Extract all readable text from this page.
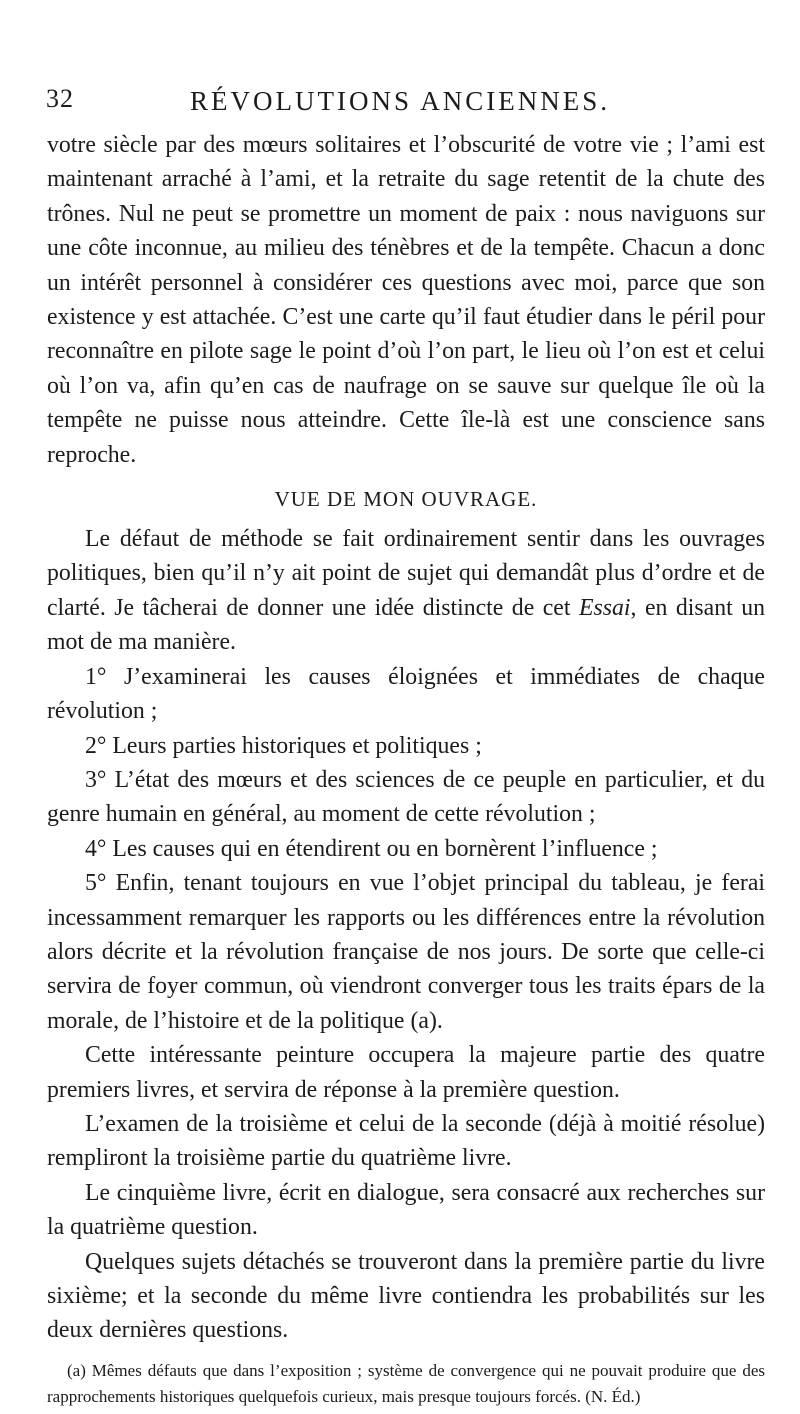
32	RÉVOLUTIONS ANCIENNES.

votre siècle par des mœurs solitaires et l’obscurité de votre vie ; l’ami est maintenant arraché à l’ami, et la retraite du sage retentit de la chute des trônes. Nul ne peut se promettre un moment de paix : nous naviguons sur une côte inconnue, au milieu des ténèbres et de la tempête. Chacun a donc un intérêt personnel à considérer ces questions avec moi, parce que son existence y est attachée. C’est une carte qu’il faut étudier dans le péril pour reconnaître en pilote sage le point d’où l’on part, le lieu où l’on est et celui où l’on va, afin qu’en cas de naufrage on se sauve sur quelque île où la tempête ne puisse nous atteindre. Cette île-là est une conscience sans reproche.

VUE DE MON OUVRAGE.

Le défaut de méthode se fait ordinairement sentir dans les ouvrages politiques, bien qu’il n’y ait point de sujet qui demandât plus d’ordre et de clarté. Je tâcherai de donner une idée distincte de cet Essai, en disant un mot de ma manière.

1° J’examinerai les causes éloignées et immédiates de chaque révolution ;

2° Leurs parties historiques et politiques ;

3° L’état des mœurs et des sciences de ce peuple en particulier, et du genre humain en général, au moment de cette révolution ;

4° Les causes qui en étendirent ou en bornèrent l’influence ;

5° Enfin, tenant toujours en vue l’objet principal du tableau, je ferai incessamment remarquer les rapports ou les différences entre la révolution alors décrite et la révolution française de nos jours. De sorte que celle-ci servira de foyer commun, où viendront converger tous les traits épars de la morale, de l’histoire et de la politique (a).

Cette intéressante peinture occupera la majeure partie des quatre premiers livres, et servira de réponse à la première question.

L’examen de la troisième et celui de la seconde (déjà à moitié résolue) rempliront la troisième partie du quatrième livre.

Le cinquième livre, écrit en dialogue, sera consacré aux recherches sur la quatrième question.

Quelques sujets détachés se trouveront dans la première partie du livre sixième; et la seconde du même livre contiendra les probabilités sur les deux dernières questions.

(a) Mêmes défauts que dans l’exposition ; système de convergence qui ne pouvait produire que des rapprochements historiques quelquefois curieux, mais presque toujours forcés. (N. Éd.)
